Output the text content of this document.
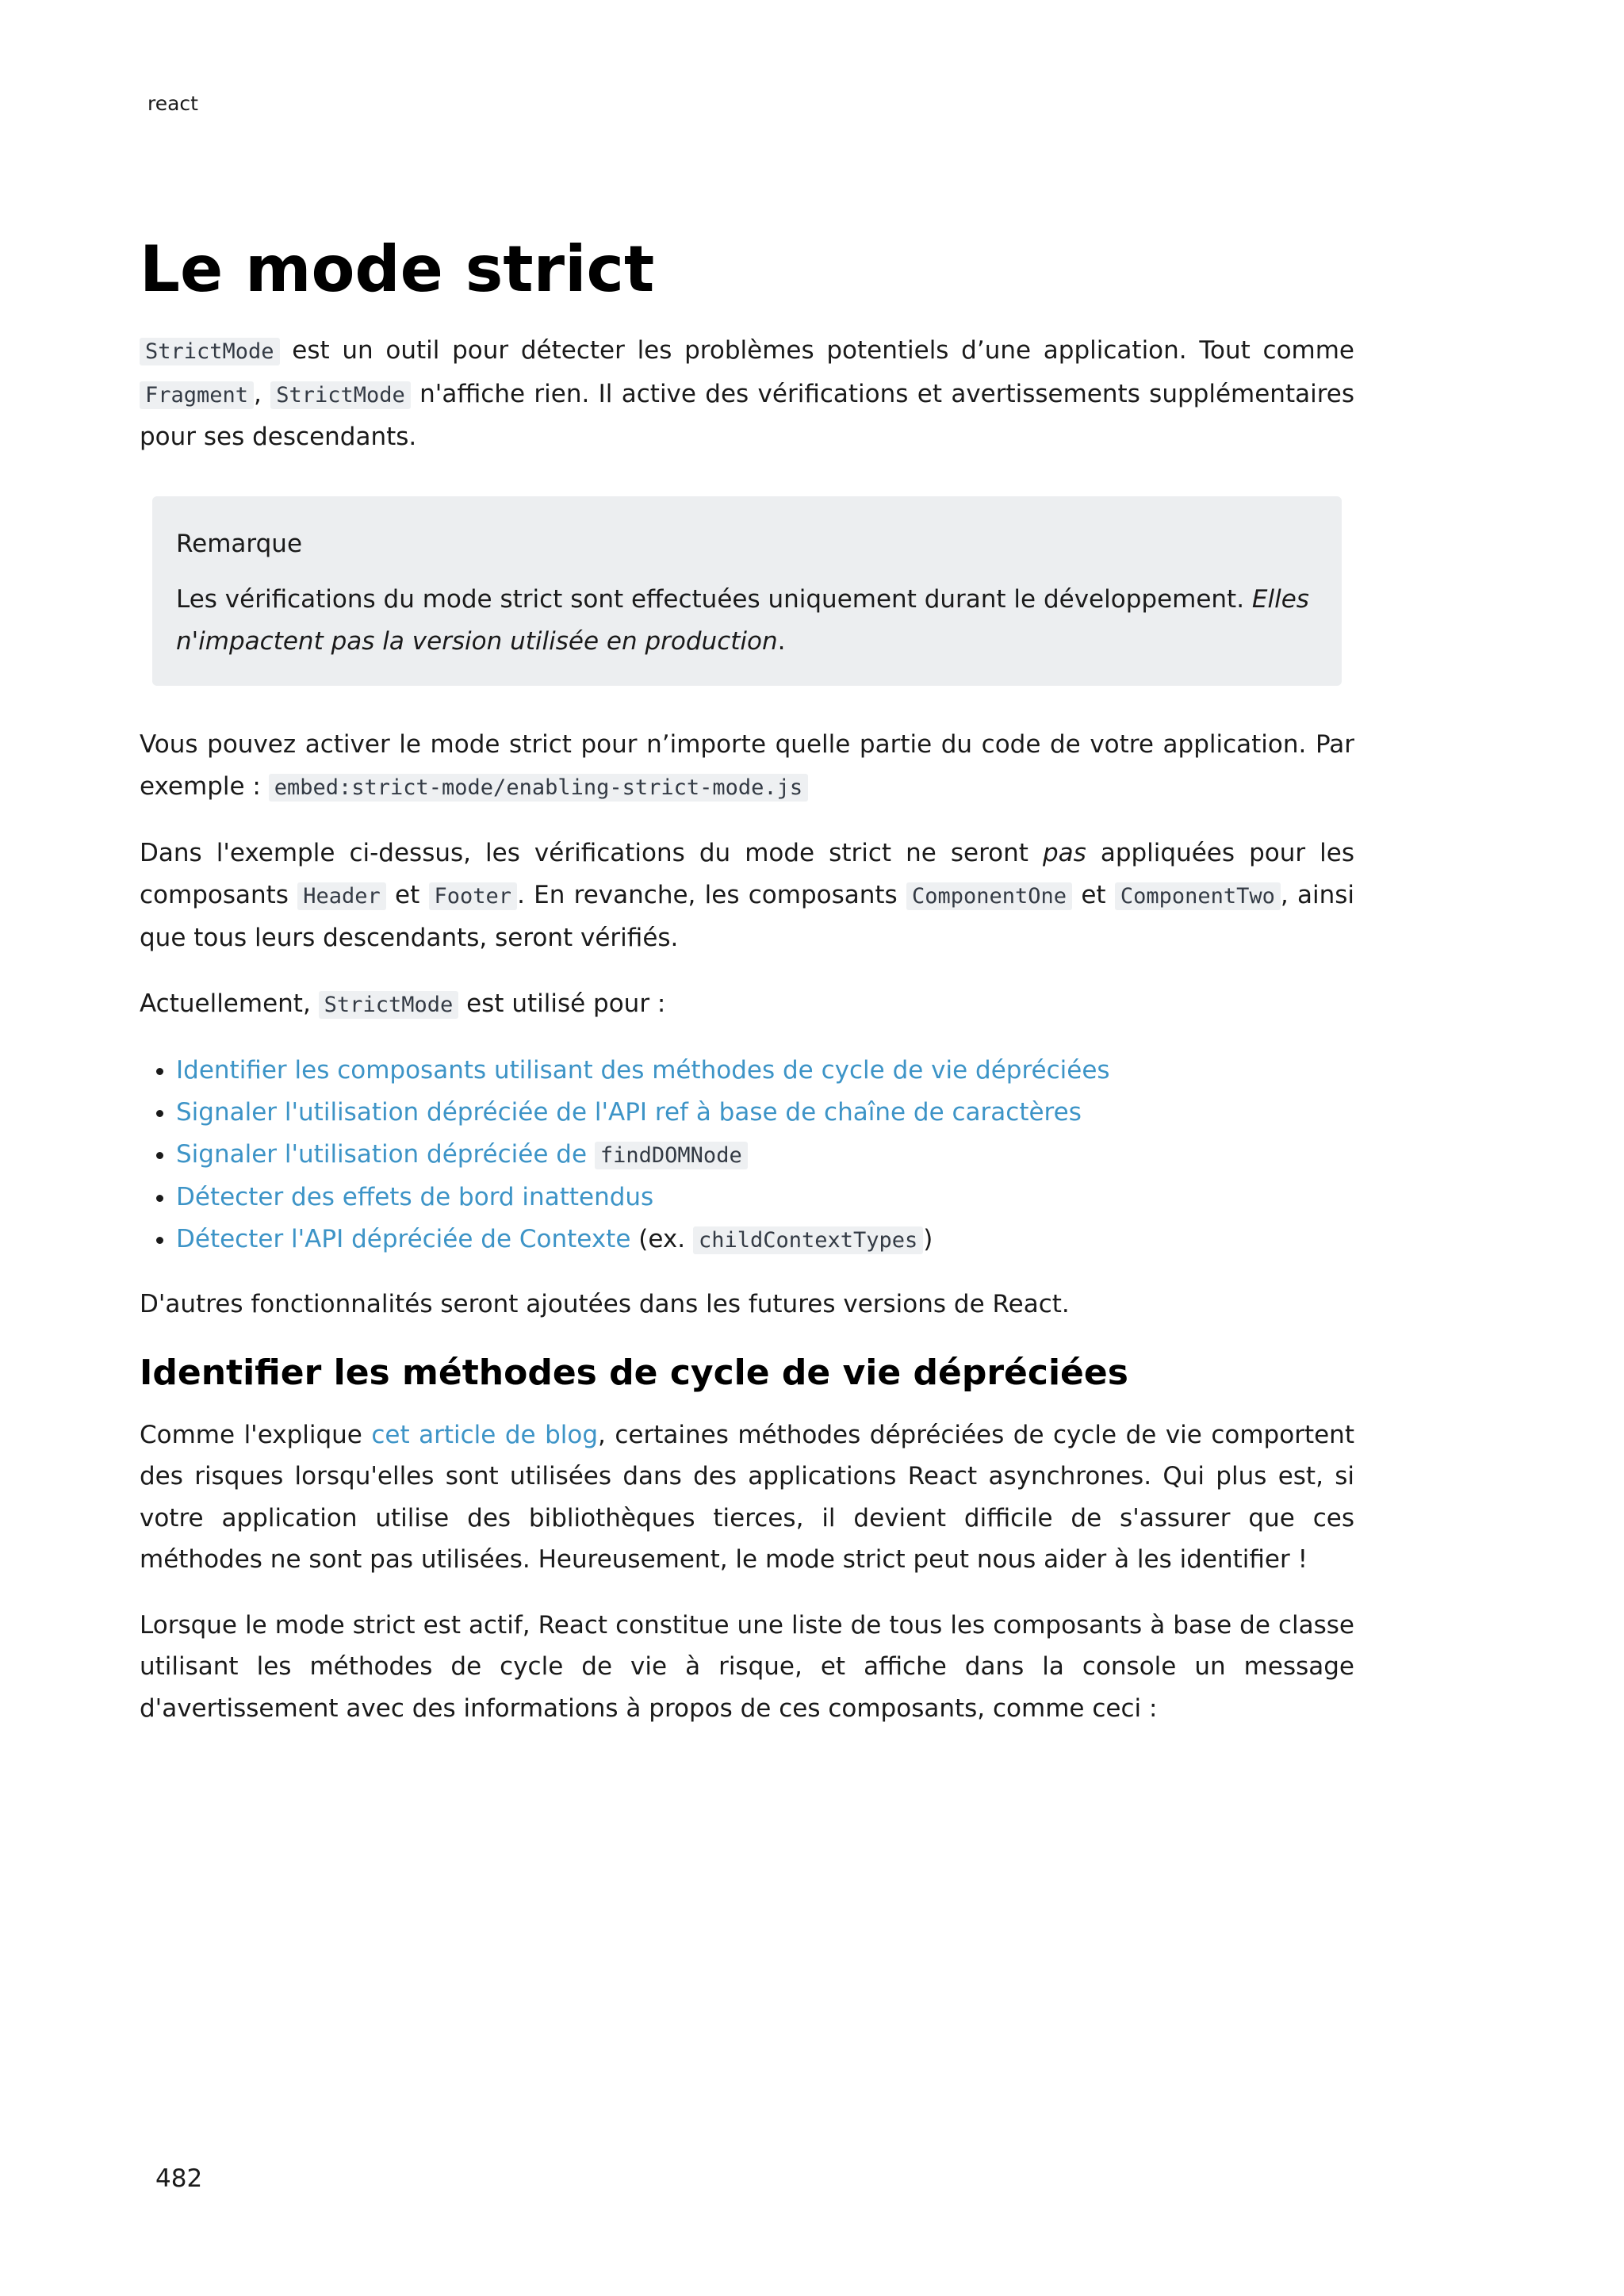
react
Le mode strict

StrictMode est un outil pour détecter les problèmes potentiels d’une application. Tout comme Fragment , StrictMode n'affiche rien. Il active des vérifications et avertissements supplémentaires pour ses descendants.

Remarque

Les vérifications du mode strict sont effectuées uniquement durant le développement. Elles n'impactent pas la version utilisée en production.

Vous pouvez activer le mode strict pour n’importe quelle partie du code de votre application. Par exemple : embed:strict-mode/enabling-strict-mode.js

Dans l'exemple ci-dessus, les vérifications du mode strict ne seront pas appliquées pour les composants Header et Footer . En revanche, les composants ComponentOne et ComponentTwo , ainsi que tous leurs descendants, seront vérifiés.

Actuellement, StrictMode est utilisé pour :

• Identifier les composants utilisant des méthodes de cycle de vie dépréciées
• Signaler l'utilisation dépréciée de l'API ref à base de chaîne de caractères
• Signaler l'utilisation dépréciée de findDOMNode
• Détecter des effets de bord inattendus
• Détecter l'API dépréciée de Contexte (ex. childContextTypes )

D'autres fonctionnalités seront ajoutées dans les futures versions de React.

Identifier les méthodes de cycle de vie dépréciées

Comme l'explique cet article de blog, certaines méthodes dépréciées de cycle de vie comportent des risques lorsqu'elles sont utilisées dans des applications React asynchrones. Qui plus est, si votre application utilise des bibliothèques tierces, il devient difficile de s'assurer que ces méthodes ne sont pas utilisées. Heureusement, le mode strict peut nous aider à les identifier !

Lorsque le mode strict est actif, React constitue une liste de tous les composants à base de classe utilisant les méthodes de cycle de vie à risque, et affiche dans la console un message d'avertissement avec des informations à propos de ces composants, comme ceci :

482
